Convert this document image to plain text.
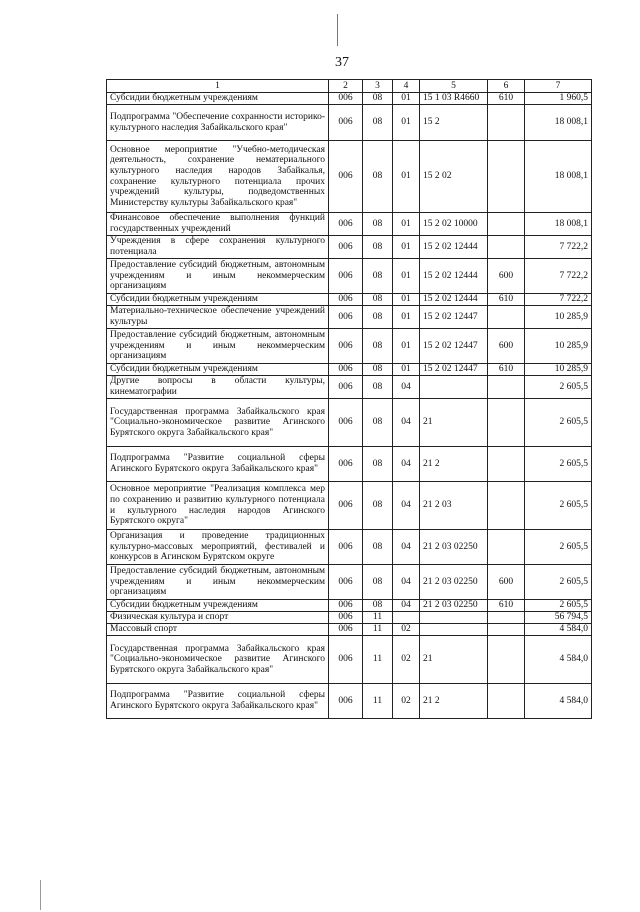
37
1	2	3	4	5	6	7
Субсидии бюджетным учреждениям	006	08	01	15 1 03 R4660	610	1 960,5
Подпрограмма "Обеспечение сохранности историко-культурного наследия Забайкальского края"	006	08	01	15 2		18 008,1
Основное мероприятие "Учебно-методическая деятельность, сохранение нематериального культурного наследия народов Забайкалья, сохранение культурного потенциала прочих учреждений культуры, подведомственных Министерству культуры Забайкальского края"	006	08	01	15 2 02		18 008,1
Финансовое обеспечение выполнения функций государственных учреждений	006	08	01	15 2 02 10000		18 008,1
Учреждения в сфере сохранения культурного потенциала	006	08	01	15 2 02 12444		7 722,2
Предоставление субсидий бюджетным, автономным учреждениям и иным некоммерческим организациям	006	08	01	15 2 02 12444	600	7 722,2
Субсидии бюджетным учреждениям	006	08	01	15 2 02 12444	610	7 722,2
Материально-техническое обеспечение учреждений культуры	006	08	01	15 2 02 12447		10 285,9
Предоставление субсидий бюджетным, автономным учреждениям и иным некоммерческим организациям	006	08	01	15 2 02 12447	600	10 285,9
Субсидии бюджетным учреждениям	006	08	01	15 2 02 12447	610	10 285,9
Другие вопросы в области культуры, кинематографии	006	08	04			2 605,5
Государственная программа Забайкальского края "Социально-экономическое развитие Агинского Бурятского округа Забайкальского края"	006	08	04	21		2 605,5
Подпрограмма "Развитие социальной сферы Агинского Бурятского округа Забайкальского края"	006	08	04	21 2		2 605,5
Основное мероприятие "Реализация комплекса мер по сохранению и развитию культурного потенциала и культурного наследия народов Агинского Бурятского округа"	006	08	04	21 2 03		2 605,5
Организация и проведение традиционных культурно-массовых мероприятий, фестивалей и конкурсов в Агинском Бурятском округе	006	08	04	21 2 03 02250		2 605,5
Предоставление субсидий бюджетным, автономным учреждениям и иным некоммерческим организациям	006	08	04	21 2 03 02250	600	2 605,5
Субсидии бюджетным учреждениям	006	08	04	21 2 03 02250	610	2 605,5
Физическая культура и спорт	006	11				56 794,5
Массовый спорт	006	11	02			4 584,0
Государственная программа Забайкальского края "Социально-экономическое развитие Агинского Бурятского округа Забайкальского края"	006	11	02	21		4 584,0
Подпрограмма "Развитие социальной сферы Агинского Бурятского округа Забайкальского края"	006	11	02	21 2		4 584,0
